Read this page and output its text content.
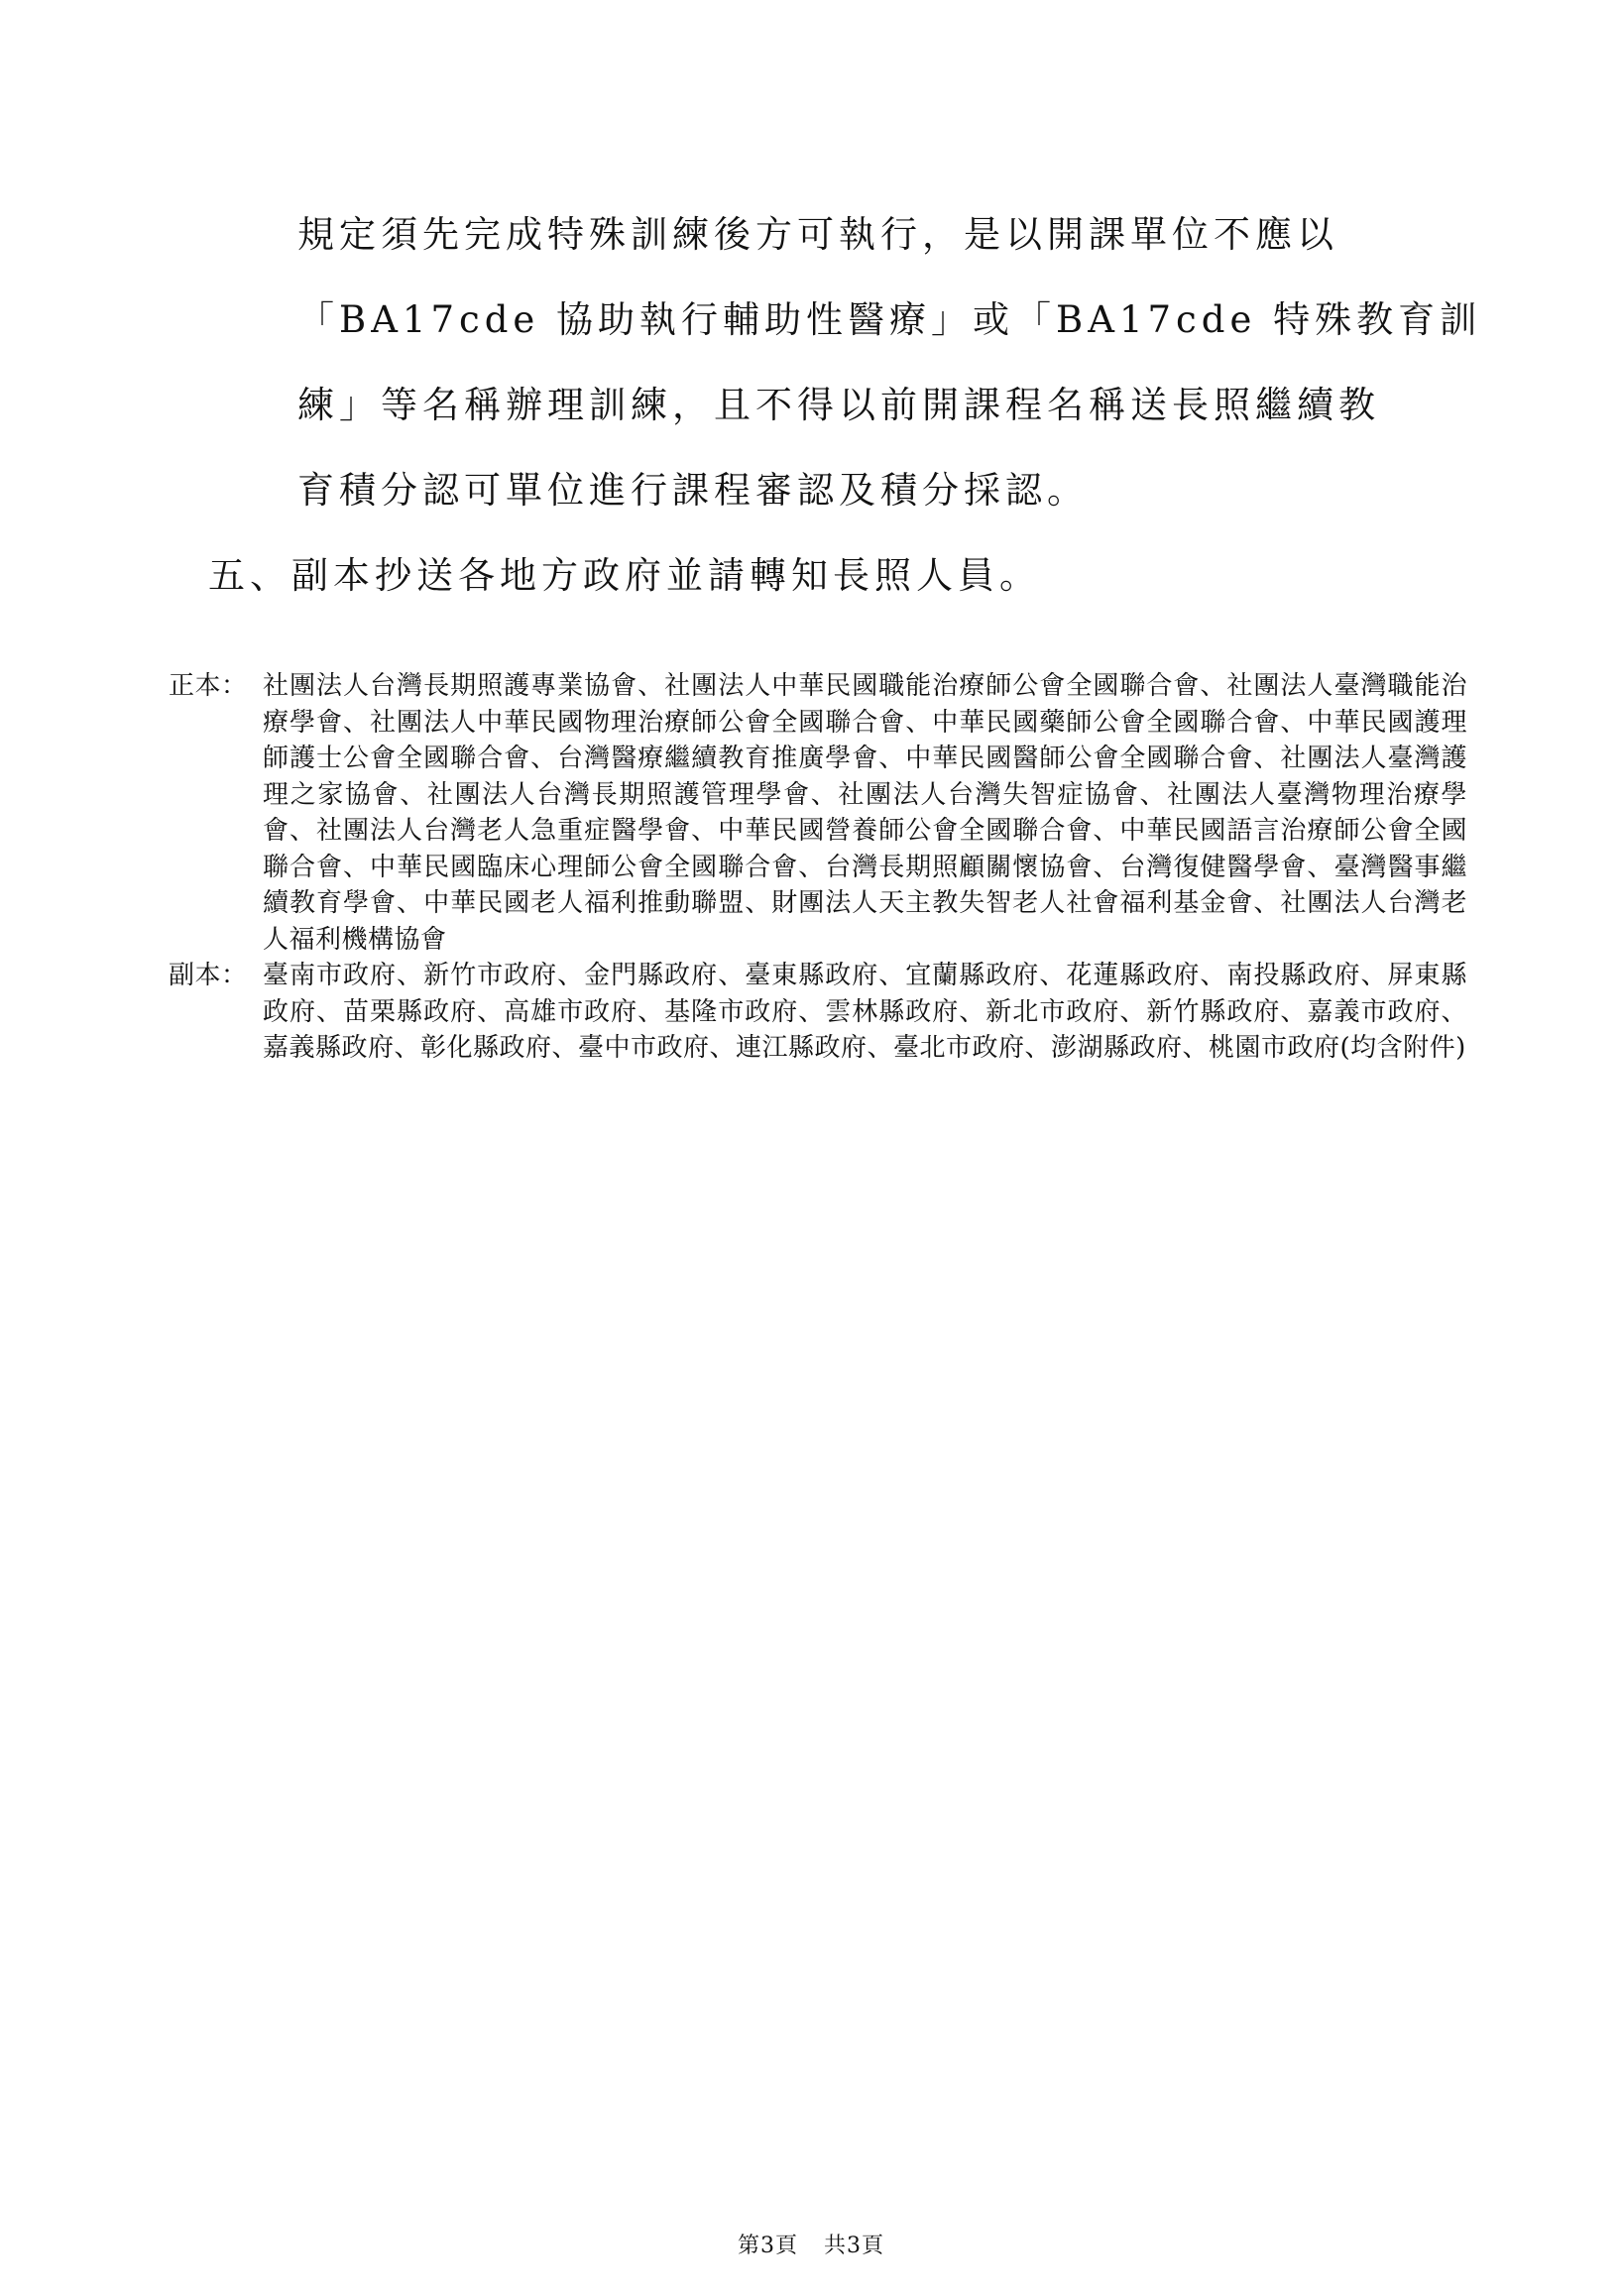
規定須先完成特殊訓練後方可執行，是以開課單位不應以
「BA17cde 協助執行輔助性醫療」或「BA17cde 特殊教育訓
練」等名稱辦理訓練，且不得以前開課程名稱送長照繼續教
育積分認可單位進行課程審認及積分採認。
五、副本抄送各地方政府並請轉知長照人員。
正本： 社團法人台灣長期照護專業協會、社團法人中華民國職能治療師公會全國聯合會、社團法人臺灣職能治療學會、社團法人中華民國物理治療師公會全國聯合會、中華民國藥師公會全國聯合會、中華民國護理師護士公會全國聯合會、台灣醫療繼續教育推廣學會、中華民國醫師公會全國聯合會、社團法人臺灣護理之家協會、社團法人台灣長期照護管理學會、社團法人台灣失智症協會、社團法人臺灣物理治療學會、社團法人台灣老人急重症醫學會、中華民國營養師公會全國聯合會、中華民國語言治療師公會全國聯合會、中華民國臨床心理師公會全國聯合會、台灣長期照顧關懷協會、台灣復健醫學會、臺灣醫事繼續教育學會、中華民國老人福利推動聯盟、財團法人天主教失智老人社會福利基金會、社團法人台灣老人福利機構協會
副本： 臺南市政府、新竹市政府、金門縣政府、臺東縣政府、宜蘭縣政府、花蓮縣政府、南投縣政府、屏東縣政府、苗栗縣政府、高雄市政府、基隆市政府、雲林縣政府、新北市政府、新竹縣政府、嘉義市政府、嘉義縣政府、彰化縣政府、臺中市政府、連江縣政府、臺北市政府、澎湖縣政府、桃園市政府(均含附件)
第3頁 共3頁
